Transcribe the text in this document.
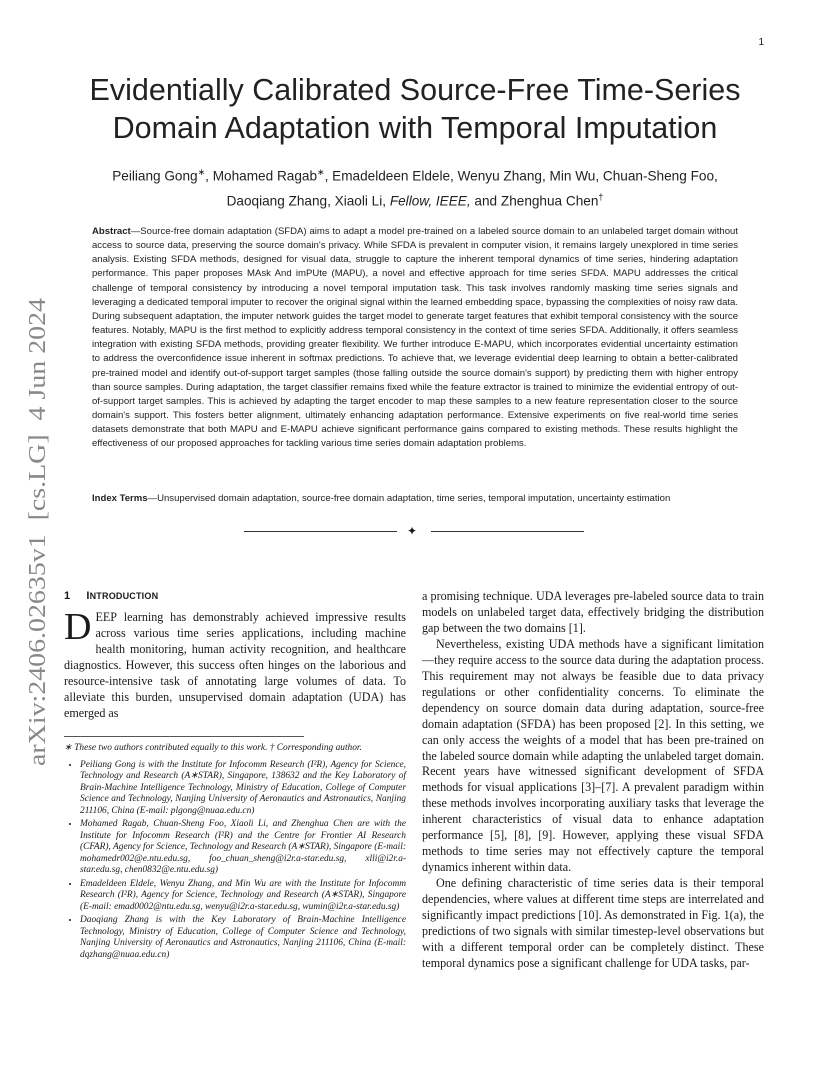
1
arXiv:2406.02635v1  [cs.LG]  4 Jun 2024
Evidentially Calibrated Source-Free Time-Series Domain Adaptation with Temporal Imputation
Peiliang Gong∗, Mohamed Ragab∗, Emadeldeen Eldele, Wenyu Zhang, Min Wu, Chuan-Sheng Foo,
Daoqiang Zhang, Xiaoli Li, Fellow, IEEE, and Zhenghua Chen†

Abstract—Source-free domain adaptation (SFDA) aims to adapt a model pre-trained on a labeled source domain to an unlabeled target domain without access to source data, preserving the source domain's privacy. While SFDA is prevalent in computer vision, it remains largely unexplored in time series analysis. Existing SFDA methods, designed for visual data, struggle to capture the inherent temporal dynamics of time series, hindering adaptation performance. This paper proposes MAsk And imPUte (MAPU), a novel and effective approach for time series SFDA. MAPU addresses the critical challenge of temporal consistency by introducing a novel temporal imputation task. This task involves randomly masking time series signals and leveraging a dedicated temporal imputer to recover the original signal within the learned embedding space, bypassing the complexities of noisy raw data. During subsequent adaptation, the imputer network guides the target model to generate target features that exhibit temporal consistency with the source features. Notably, MAPU is the first method to explicitly address temporal consistency in the context of time series SFDA. Additionally, it offers seamless integration with existing SFDA methods, providing greater flexibility. We further introduce E-MAPU, which incorporates evidential uncertainty estimation to address the overconfidence issue inherent in softmax predictions. To achieve that, we leverage evidential deep learning to obtain a better-calibrated pre-trained model and identify out-of-support target samples (those falling outside the source domain's support) by predicting them with higher entropy than source samples. During adaptation, the target classifier remains fixed while the feature extractor is trained to minimize the evidential entropy of out-of-support target samples. This is achieved by adapting the target encoder to map these samples to a new feature representation closer to the source domain's support. This fosters better alignment, ultimately enhancing adaptation performance. Extensive experiments on five real-world time series datasets demonstrate that both MAPU and E-MAPU achieve significant performance gains compared to existing methods. These results highlight the effectiveness of our proposed approaches for tackling various time series domain adaptation problems.

Index Terms—Unsupervised domain adaptation, source-free domain adaptation, time series, temporal imputation, uncertainty estimation

✦
1 INTRODUCTION

DEEP learning has demonstrably achieved impressive results across various time series applications, including machine health monitoring, human activity recognition, and healthcare diagnostics. However, this success often hinges on the laborious and resource-intensive task of annotating large volumes of data. To alleviate this burden, unsupervised domain adaptation (UDA) has emerged as

∗ These two authors contributed equally to this work. † Corresponding author.

• Peiliang Gong is with the Institute for Infocomm Research (I²R), Agency for Science, Technology and Research (A∗STAR), Singapore, 138632 and the Key Laboratory of Brain-Machine Intelligence Technology, Ministry of Education, College of Computer Science and Technology, Nanjing University of Aeronautics and Astronautics, Nanjing 211106, China (E-mail: plgong@nuaa.edu.cn)
• Mohamed Ragab, Chuan-Sheng Foo, Xiaoli Li, and Zhenghua Chen are with the Institute for Infocomm Research (I²R) and the Centre for Frontier AI Research (CFAR), Agency for Science, Technology and Research (A∗STAR), Singapore (E-mail: mohamedr002@e.ntu.edu.sg, foo_chuan_sheng@i2r.a-star.edu.sg, xlli@i2r.a-star.edu.sg, chen0832@e.ntu.edu.sg)
• Emadeldeen Eldele, Wenyu Zhang, and Min Wu are with the Institute for Infocomm Research (I²R), Agency for Science, Technology and Research (A∗STAR), Singapore (E-mail: emad0002@ntu.edu.sg, wenyu@i2r.a-star.edu.sg, wumin@i2r.a-star.edu.sg)
• Daoqiang Zhang is with the Key Laboratory of Brain-Machine Intelligence Technology, Ministry of Education, College of Computer Science and Technology, Nanjing University of Aeronautics and Astronautics, Nanjing 211106, China (E-mail: dqzhang@nuaa.edu.cn)

a promising technique. UDA leverages pre-labeled source data to train models on unlabeled target data, effectively bridging the distribution gap between the two domains [1].

Nevertheless, existing UDA methods have a significant limitation —they require access to the source data during the adaptation process. This requirement may not always be feasible due to data privacy regulations or other confidentiality concerns. To eliminate the dependency on source domain data during adaptation, source-free domain adaptation (SFDA) has been proposed [2]. In this setting, we can only access the weights of a model that has been pre-trained on the labeled source domain while adapting the unlabeled target domain. Recent years have witnessed significant development of SFDA methods for visual applications [3]–[7]. A prevalent paradigm within these methods involves incorporating auxiliary tasks that leverage the inherent characteristics of visual data to enhance adaptation performance [5], [8], [9]. However, applying these visual SFDA methods to time series may not effectively capture the temporal dynamics inherent within data.

One defining characteristic of time series data is their temporal dependencies, where values at different time steps are interrelated and significantly impact predictions [10]. As demonstrated in Fig. 1(a), the predictions of two signals with similar timestep-level observations but with a different temporal order can be completely distinct. These temporal dynamics pose a significant challenge for UDA tasks, par-
